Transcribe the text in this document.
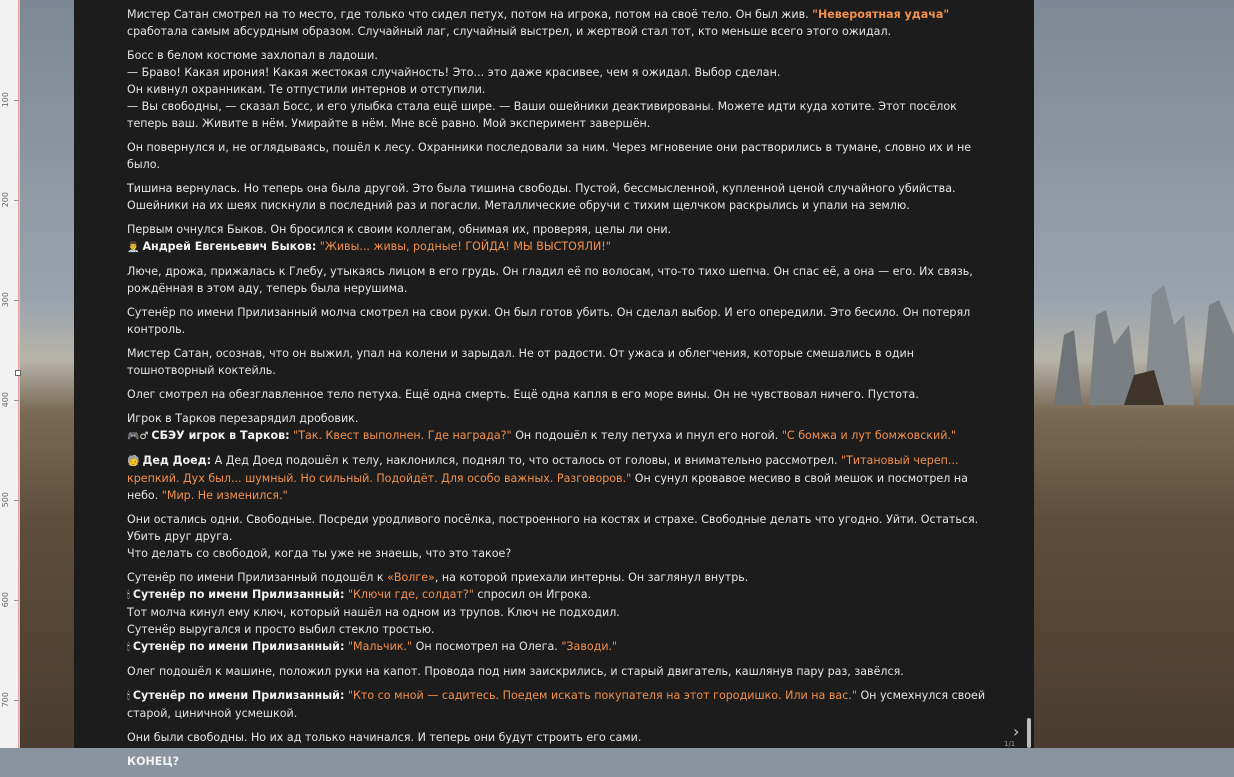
100
200
300
400
500
600
700

Мистер Сатан смотрел на то место, где только что сидел петух, потом на игрока, потом на своё тело. Он был жив. "Невероятная удача" сработала самым абсурдным образом. Случайный лаг, случайный выстрел, и жертвой стал тот, кто меньше всего этого ожидал.

Босс в белом костюме захлопал в ладоши.
— Браво! Какая ирония! Какая жестокая случайность! Это... это даже красивее, чем я ожидал. Выбор сделан.
Он кивнул охранникам. Те отпустили интернов и отступили.
— Вы свободны, — сказал Босс, и его улыбка стала ещё шире. — Ваши ошейники деактивированы. Можете идти куда хотите. Этот посёлок теперь ваш. Живите в нём. Умирайте в нём. Мне всё равно. Мой эксперимент завершён.

Он повернулся и, не оглядываясь, пошёл к лесу. Охранники последовали за ним. Через мгновение они растворились в тумане, словно их и не было.

Тишина вернулась. Но теперь она была другой. Это была тишина свободы. Пустой, бессмысленной, купленной ценой случайного убийства. Ошейники на их шеях пискнули в последний раз и погасли. Металлические обручи с тихим щелчком раскрылись и упали на землю.

Первым очнулся Быков. Он бросился к своим коллегам, обнимая их, проверяя, целы ли они.
👨‍⚕️ Андрей Евгеньевич Быков: "Живы... живы, родные! ГОЙДА! МЫ ВЫСТОЯЛИ!"

Люче, дрожа, прижалась к Глебу, утыкаясь лицом в его грудь. Он гладил её по волосам, что-то тихо шепча. Он спас её, а она — его. Их связь, рождённая в этом аду, теперь была нерушима.

Сутенёр по имени Прилизанный молча смотрел на свои руки. Он был готов убить. Он сделал выбор. И его опередили. Это бесило. Он потерял контроль.

Мистер Сатан, осознав, что он выжил, упал на колени и зарыдал. Не от радости. От ужаса и облегчения, которые смешались в один тошнотворный коктейль.

Олег смотрел на обезглавленное тело петуха. Ещё одна смерть. Ещё одна капля в его море вины. Он не чувствовал ничего. Пустота.

Игрок в Тарков перезарядил дробовик.
🎮♂ СБЭУ игрок в Тарков: "Так. Квест выполнен. Где награда?" Он подошёл к телу петуха и пнул его ногой. "С бомжа и лут бомжовский."

🧓 Дед Доед: А Дед Доед подошёл к телу, наклонился, поднял то, что осталось от головы, и внимательно рассмотрел. "Титановый череп... крепкий. Дух был... шумный. Но сильный. Подойдёт. Для особо важных. Разговоров." Он сунул кровавое месиво в свой мешок и посмотрел на небо. "Мир. Не изменился."

Они остались одни. Свободные. Посреди уродливого посёлка, построенного на костях и страхе. Свободные делать что угодно. Уйти. Остаться. Убить друг друга.
Что делать со свободой, когда ты уже не знаешь, что это такое?

Сутенёр по имени Прилизанный подошёл к «Волге», на которой приехали интерны. Он заглянул внутрь.
🕯 Сутенёр по имени Прилизанный: "Ключи где, солдат?" спросил он Игрока.
Тот молча кинул ему ключ, который нашёл на одном из трупов. Ключ не подходил.
Сутенёр выругался и просто выбил стекло тростью.
🕯 Сутенёр по имени Прилизанный: "Мальчик." Он посмотрел на Олега. "Заводи."

Олег подошёл к машине, положил руки на капот. Провода под ним заискрились, и старый двигатель, кашлянув пару раз, завёлся.

🕯 Сутенёр по имени Прилизанный: "Кто со мной — садитесь. Поедем искать покупателя на этот городишко. Или на вас." Он усмехнулся своей старой, циничной усмешкой.

Они были свободны. Но их ад только начинался. И теперь они будут строить его сами.

КОНЕЦ?

›
1/1
